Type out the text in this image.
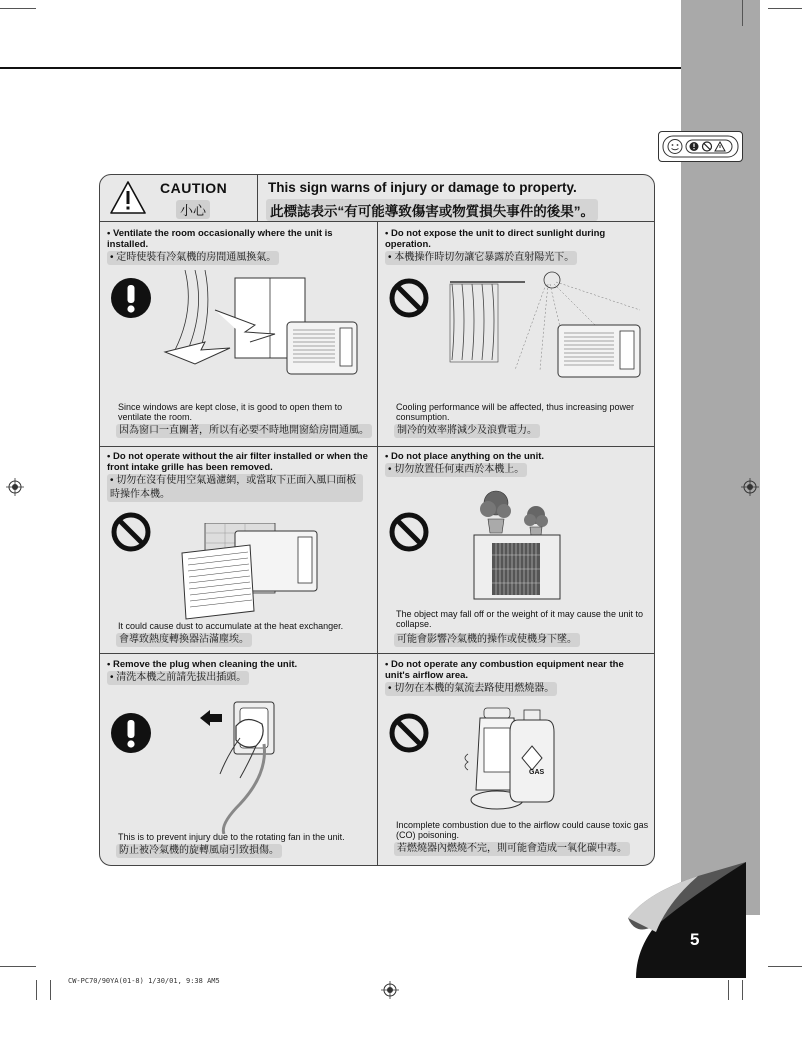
CAUTION
小心
This sign warns of injury or damage to property.
此標誌表示“有可能導致傷害或物質損失事件的後果”。
• Ventilate the room occasionally where the unit is installed.
• 定時使裝有冷氣機的房間通風換氣。
Since windows are kept close, it is good to open them to ventilate the room.
因為窗口一直關著，所以有必要不時地開窗給房間通風。
• Do not expose the unit to direct sunlight during operation.
• 本機操作時切勿讓它暴露於直射陽光下。
Cooling performance will be affected, thus increasing power consumption.
制冷的效率將減少及浪費電力。
• Do not operate without the air filter installed or when the front intake grille has been removed.
• 切勿在沒有使用空氣過濾網，或當取下正面入風口面板時操作本機。
It could cause dust to accumulate at the heat exchanger.
會導致熱度轉換器沾滿塵埃。
• Do not place anything on the unit.
• 切勿放置任何東西於本機上。
The object may fall off or the weight of it may cause the unit to collapse.
可能會影響冷氣機的操作或使機身下墜。
• Remove the plug when cleaning the unit.
• 清洗本機之前請先拔出插頭。
This is to prevent injury due to the rotating fan in the unit.
防止被冷氣機的旋轉風扇引致損傷。
• Do not operate any combustion equipment near the unit's airflow area.
• 切勿在本機的氣流去路使用燃燒器。
GAS
Incomplete combustion due to the airflow could cause toxic gas (CO) poisoning.
若燃燒器內燃燒不完，則可能會造成一氧化碳中毒。
5
CW-PC70/90YA(01-8) 1/30/01, 9:38 AM5
